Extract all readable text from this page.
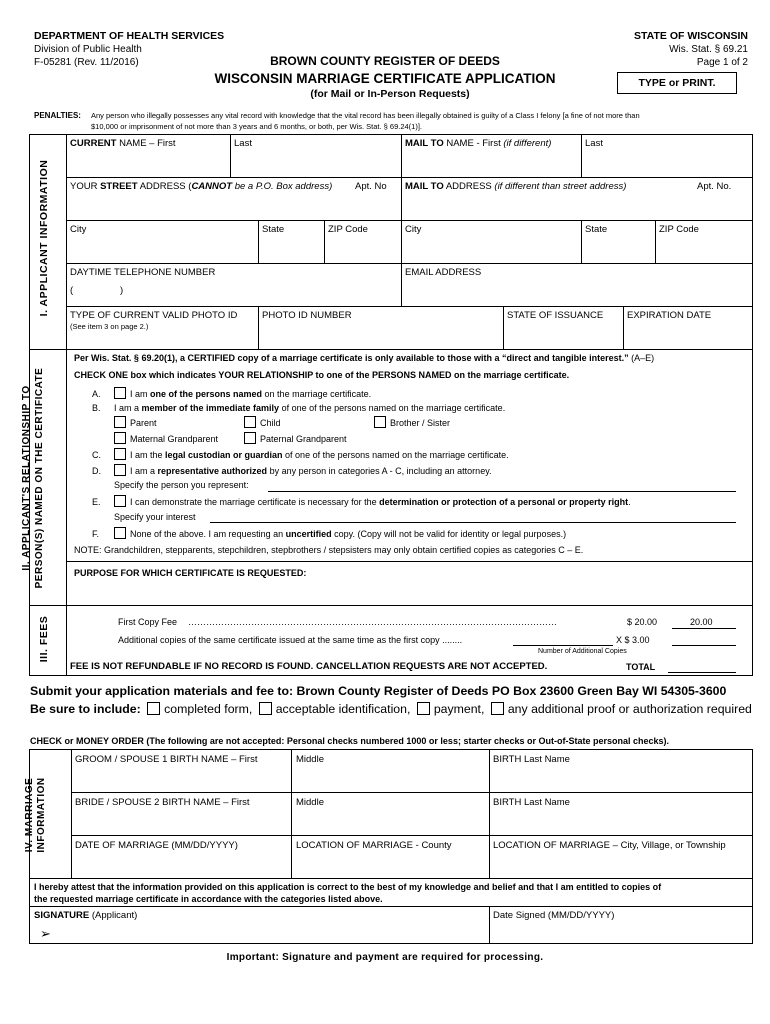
DEPARTMENT OF HEALTH SERVICES
Division of Public Health
F-05281 (Rev. 11/2016)
STATE OF WISCONSIN
Wis. Stat. § 69.21
Page 1 of 2
BROWN COUNTY REGISTER OF DEEDS
WISCONSIN MARRIAGE CERTIFICATE APPLICATION
(for Mail or In-Person Requests)
TYPE or PRINT.
PENALTIES: Any person who illegally possesses any vital record with knowledge that the vital record has been illegally obtained is guilty of a Class I felony [a fine of not more than
$10,000 or imprisonment of not more than 3 years and 6 months, or both, per Wis. Stat. § 69.24(1)].
I. APPLICANT INFORMATION
CURRENT NAME – First	Last	MAIL TO NAME - First (if different)	Last
YOUR STREET ADDRESS (CANNOT be a P.O. Box address) Apt. No MAIL TO ADDRESS (if different than street address)	Apt. No.
City	State	ZIP Code	City	State	ZIP Code
DAYTIME TELEPHONE NUMBER
(	)
EMAIL ADDRESS
TYPE OF CURRENT VALID PHOTO ID
(See item 3 on page 2.)
PHOTO ID NUMBER	STATE OF ISSUANCE	EXPIRATION DATE
II. APPLICANT'S RELATIONSHIP TO PERSON(S) NAMED ON THE CERTIFICATE
Per Wis. Stat. § 69.20(1), a CERTIFIED copy of a marriage certificate is only available to those with a “direct and tangible interest.” (A–E)
CHECK ONE box which indicates YOUR RELATIONSHIP to one of the PERSONS NAMED on the marriage certificate.
A.	I am one of the persons named on the marriage certificate.
B. I am a member of the immediate family of one of the persons named on the marriage certificate.
Parent	Child	Brother / Sister
Maternal Grandparent	Paternal Grandparent
C.	I am the legal custodian or guardian of one of the persons named on the marriage certificate.
D.	I am a representative authorized by any person in categories A - C, including an attorney.
Specify the person you represent:
E.	I can demonstrate the marriage certificate is necessary for the determination or protection of a personal or property right.
Specify your interest
F.	None of the above. I am requesting an uncertified copy. (Copy will not be valid for identity or legal purposes.)
NOTE: Grandchildren, stepparents, stepchildren, stepbrothers / stepsisters may only obtain certified copies as categories C – E.
PURPOSE FOR WHICH CERTIFICATE IS REQUESTED:
III. FEES	First Copy Fee ……………………………………………………………………………………………………………	$ 20.00	20.00
Additional copies of the same certificate issued at the same time as the first copy ........	X $ 3.00
Number of Additional Copies
FEE IS NOT REFUNDABLE IF NO RECORD IS FOUND. CANCELLATION REQUESTS ARE NOT ACCEPTED.	TOTAL
Submit your application materials and fee to: Brown County Register of Deeds PO Box 23600 Green Bay WI 54305-3600
Be sure to include: completed form, acceptable identification, payment, any additional proof or authorization required
CHECK or MONEY ORDER (The following are not accepted: Personal checks numbered 1000 or less; starter checks or Out-of-State personal checks).
IV. MARRIAGE INFORMATION
GROOM / SPOUSE 1 BIRTH NAME – First	Middle	BIRTH Last Name
BRIDE / SPOUSE 2 BIRTH NAME – First	Middle	BIRTH Last Name
DATE OF MARRIAGE (MM/DD/YYYY)	LOCATION OF MARRIAGE - County	LOCATION OF MARRIAGE – City, Village, or Township
I hereby attest that the information provided on this application is correct to the best of my knowledge and belief and that I am entitled to copies of
the requested marriage certificate in accordance with the categories listed above.
SIGNATURE (Applicant)
➢
Date Signed (MM/DD/YYYY)
Important: Signature and payment are required for processing.
